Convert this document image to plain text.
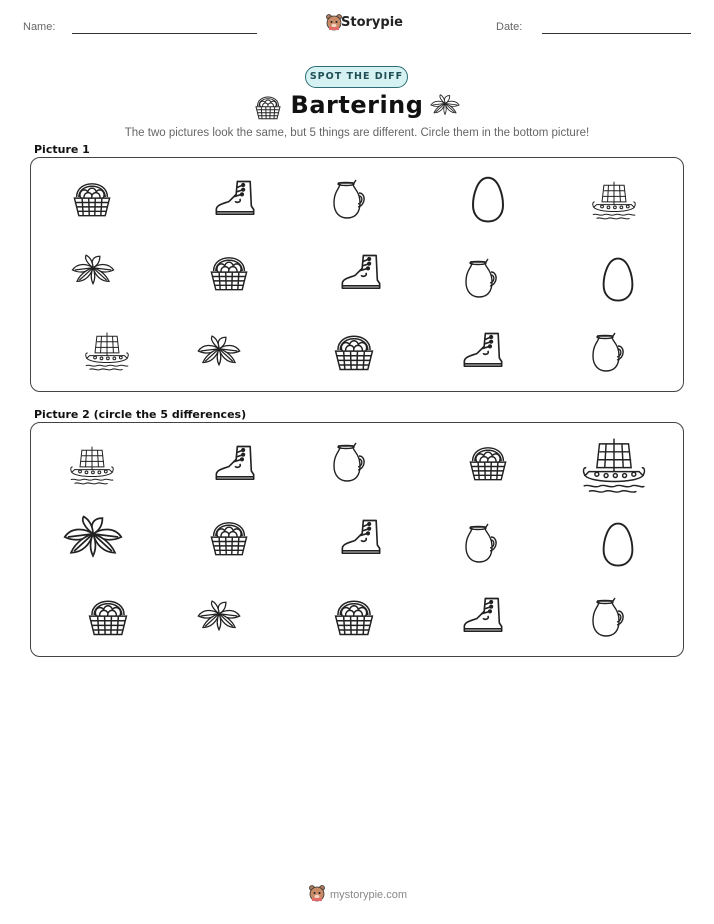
Name:	Storypie	Date:
SPOT THE DIFF
Bartering
The two pictures look the same, but 5 things are different. Circle them in the bottom picture!
Picture 1
Picture 2 (circle the 5 differences)
mystorypie.com
